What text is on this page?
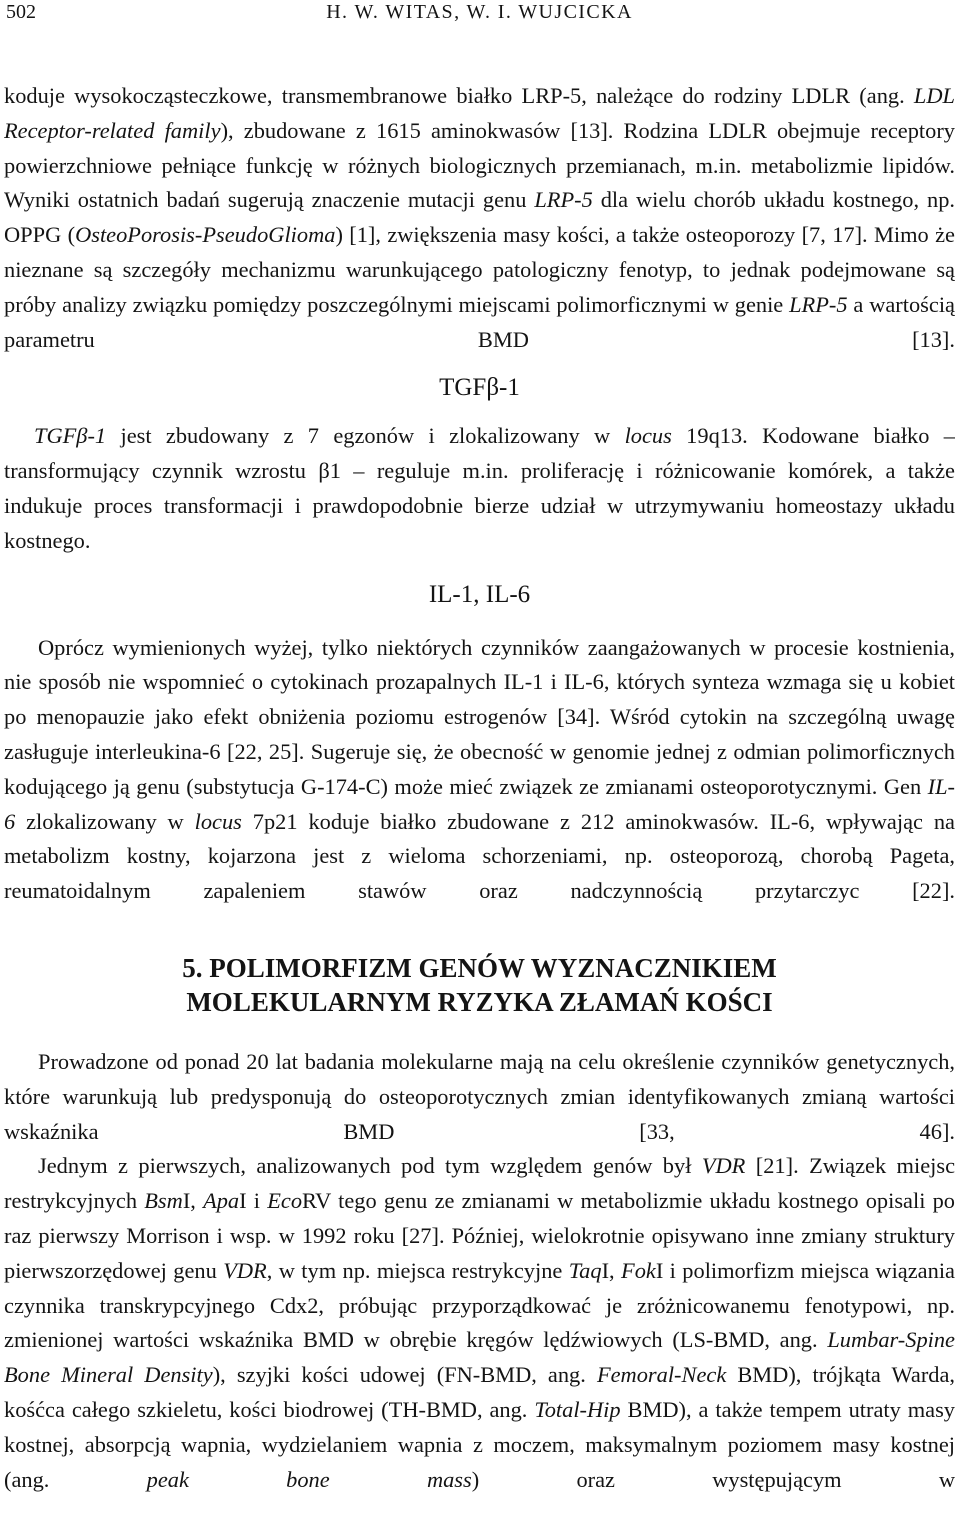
502	H. W. WITAS, W. I. WUJCICKA

koduje wysokocząsteczkowe, transmembranowe białko LRP-5, należące do rodziny LDLR (ang. LDL Receptor-related family), zbudowane z 1615 aminokwasów [13]. Rodzina LDLR obejmuje receptory powierzchniowe pełniące funkcję w różnych biologicznych przemianach, m.in. metabolizmie lipidów. Wyniki ostatnich badań sugerują znaczenie mutacji genu LRP-5 dla wielu chorób układu kostnego, np. OPPG (OsteoPorosis-PseudoGlioma) [1], zwiększenia masy kości, a także osteoporozy [7, 17]. Mimo że nieznane są szczegóły mechanizmu warunkującego patologiczny fenotyp, to jednak podejmowane są próby analizy związku pomiędzy poszczególnymi miejscami polimorficznymi w genie LRP-5 a wartością parametru BMD [13].

TGFβ-1

TGFβ-1 jest zbudowany z 7 egzonów i zlokalizowany w locus 19q13. Kodowane białko – transformujący czynnik wzrostu β1 – reguluje m.in. proliferację i różnicowanie komórek, a także indukuje proces transformacji i prawdopodobnie bierze udział w utrzymywaniu homeostazy układu kostnego.

IL-1, IL-6

Oprócz wymienionych wyżej, tylko niektórych czynników zaangażowanych w procesie kostnienia, nie sposób nie wspomnieć o cytokinach prozapalnych IL-1 i IL-6, których synteza wzmaga się u kobiet po menopauzie jako efekt obniżenia poziomu estrogenów [34]. Wśród cytokin na szczególną uwagę zasługuje interleukina-6 [22, 25]. Sugeruje się, że obecność w genomie jednej z odmian polimorficznych kodującego ją genu (substytucja G-174-C) może mieć związek ze zmianami osteoporotycznymi. Gen IL-6 zlokalizowany w locus 7p21 koduje białko zbudowane z 212 aminokwasów. IL-6, wpływając na metabolizm kostny, kojarzona jest z wieloma schorzeniami, np. osteoporozą, chorobą Pageta, reumatoidalnym zapaleniem stawów oraz nadczynnością przytarczyc [22].

5. POLIMORFIZM GENÓW WYZNACZNIKIEM
MOLEKULARNYM RYZYKA ZŁAMAŃ KOŚCI

Prowadzone od ponad 20 lat badania molekularne mają na celu określenie czynników genetycznych, które warunkują lub predysponują do osteoporotycznych zmian identyfikowanych zmianą wartości wskaźnika BMD [33, 46].

Jednym z pierwszych, analizowanych pod tym względem genów był VDR [21]. Związek miejsc restrykcyjnych BsmI, ApaI i EcoRV tego genu ze zmianami w metabolizmie układu kostnego opisali po raz pierwszy Morrison i wsp. w 1992 roku [27]. Później, wielokrotnie opisywano inne zmiany struktury pierwszorzędowej genu VDR, w tym np. miejsca restrykcyjne TaqI, FokI i polimorfizm miejsca wiązania czynnika transkrypcyjnego Cdx2, próbując przyporządkować je zróżnicowanemu fenotypowi, np. zmienionej wartości wskaźnika BMD w obrębie kręgów lędźwiowych (LS-BMD, ang. Lumbar-Spine Bone Mineral Density), szyjki kości udowej (FN-BMD, ang. Femoral-Neck BMD), trójkąta Warda, kośćca całego szkieletu, kości biodrowej (TH-BMD, ang. Total-Hip BMD), a także tempem utraty masy kostnej, absorpcją wapnia, wydzielaniem wapnia z moczem, maksymalnym poziomem masy kostnej (ang. peak bone mass) oraz występującym w
